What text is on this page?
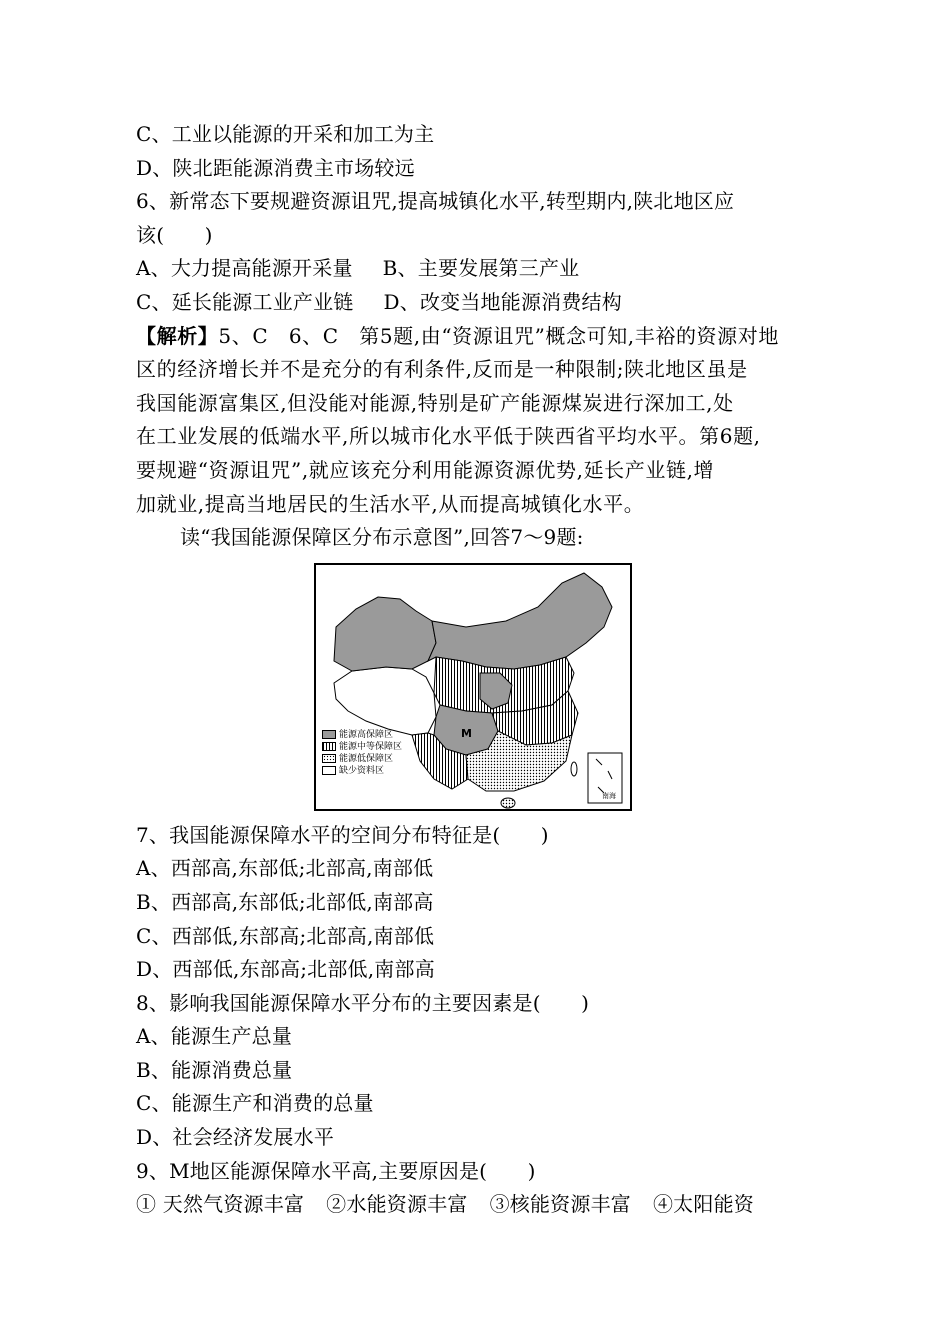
C、工业以能源的开采和加工为主
D、陕北距能源消费主市场较远
6、新常态下要规避资源诅咒,提高城镇化水平,转型期内,陕北地区应
该(　　)
A、大力提高能源开采量 B、主要发展第三产业
C、延长能源工业产业链 D、改变当地能源消费结构
【解析】5、C　6、C　第5题,由“资源诅咒”概念可知,丰裕的资源对地
区的经济增长并不是充分的有利条件,反而是一种限制;陕北地区虽是
我国能源富集区,但没能对能源,特别是矿产能源煤炭进行深加工,处
在工业发展的低端水平,所以城市化水平低于陕西省平均水平。第6题,
要规避“资源诅咒”,就应该充分利用能源资源优势,延长产业链,增
加就业,提高当地居民的生活水平,从而提高城镇化水平。
读“我国能源保障区分布示意图”,回答7～9题:
M
能源高保障区
能源中等保障区
能源低保障区
缺少资料区
南海
7、我国能源保障水平的空间分布特征是(　　)
A、西部高,东部低;北部高,南部低
B、西部高,东部低;北部低,南部高
C、西部低,东部高;北部高,南部低
D、西部低,东部高;北部低,南部高
8、影响我国能源保障水平分布的主要因素是(　　)
A、能源生产总量
B、能源消费总量
C、能源生产和消费的总量
D、社会经济发展水平
9、M地区能源保障水平高,主要原因是(　　)
① 天然气资源丰富 ②水能资源丰富 ③核能资源丰富 ④太阳能资
